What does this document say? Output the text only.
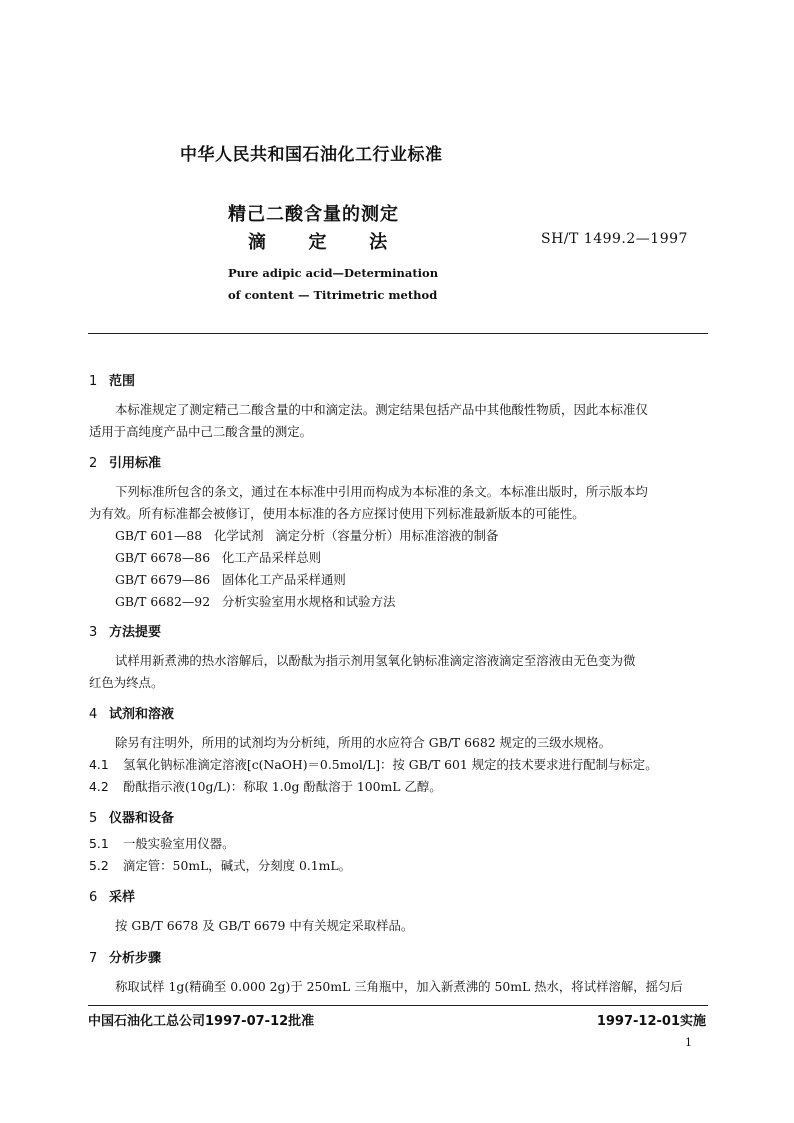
中华人民共和国石油化工行业标准
精己二酸含量的测定
滴  定  法	SH/T 1499.2—1997
Pure adipic acid—Determination
of content — Titrimetric method
1 范围
本标准规定了测定精己二酸含量的中和滴定法。测定结果包括产品中其他酸性物质，因此本标准仅
适用于高纯度产品中己二酸含量的测定。
2 引用标准
下列标准所包含的条文，通过在本标准中引用而构成为本标准的条文。本标准出版时，所示版本均
为有效。所有标准都会被修订，使用本标准的各方应探讨使用下列标准最新版本的可能性。
GB/T 601—88   化学试剂   滴定分析（容量分析）用标准溶液的制备
GB/T 6678—86   化工产品采样总则
GB/T 6679—86   固体化工产品采样通则
GB/T 6682—92   分析实验室用水规格和试验方法
3 方法提要
试样用新煮沸的热水溶解后，以酚酞为指示剂用氢氧化钠标准滴定溶液滴定至溶液由无色变为微
红色为终点。
4 试剂和溶液
除另有注明外，所用的试剂均为分析纯，所用的水应符合 GB/T 6682 规定的三级水规格。
4.1 氢氧化钠标准滴定溶液[c(NaOH)＝0.5mol/L]：按 GB/T 601 规定的技术要求进行配制与标定。
4.2 酚酞指示液(10g/L)：称取 1.0g 酚酞溶于 100mL 乙醇。
5 仪器和设备
5.1 一般实验室用仪器。
5.2 滴定管：50mL，碱式，分刻度 0.1mL。
6 采样
按 GB/T 6678 及 GB/T 6679 中有关规定采取样品。
7 分析步骤
称取试样 1g(精确至 0.000 2g)于 250mL 三角瓶中，加入新煮沸的 50mL 热水，将试样溶解，摇匀后
中国石油化工总公司1997-07-12批准	1997-12-01实施
1
